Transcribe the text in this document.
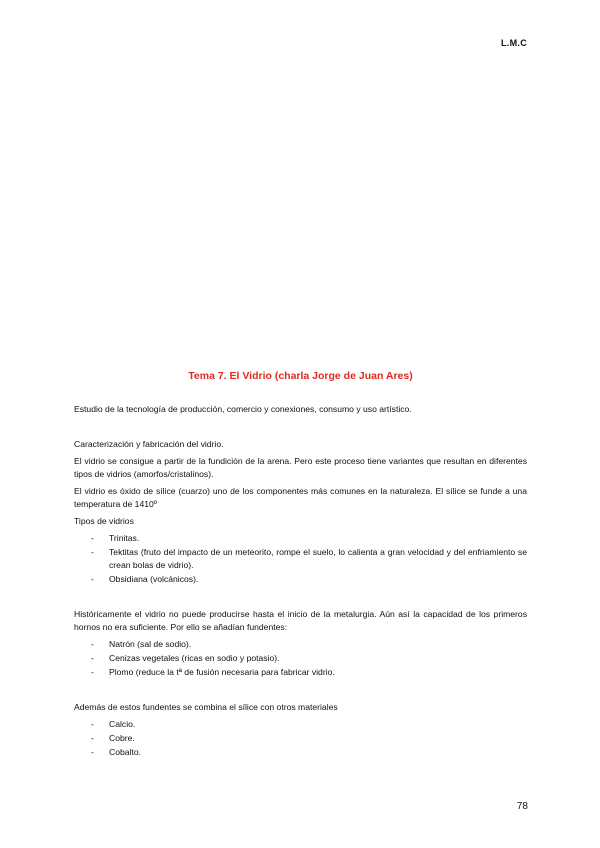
L.M.C
Tema 7. El Vidrio (charla Jorge de Juan Ares)

Estudio de la tecnología de producción, comercio y conexiones, consumo y uso artístico.

Caracterización y fabricación del vidrio.

El vidrio se consigue a partir de la fundición de la arena. Pero este proceso tiene variantes que resultan en diferentes tipos de vidrios (amorfos/cristalinos).

El vidrio es óxido de sílice (cuarzo) uno de los componentes más comunes en la naturaleza. El sílice se funde a una temperatura de 1410º

Tipos de vidrios

- Trinitas.
- Tektitas (fruto del impacto de un meteorito, rompe el suelo, lo calienta a gran velocidad y del enfriamiento se crean bolas de vidrio).
- Obsidiana (volcánicos).

Históricamente el vidrio no puede producirse hasta el inicio de la metalurgia. Aún así la capacidad de los primeros hornos no era suficiente. Por ello se añadían fundentes:

- Natrón (sal de sodio).
- Cenizas vegetales (ricas en sodio y potasio).
- Plomo (reduce la tª de fusión necesaria para fabricar vidrio.

Además de estos fundentes se combina el sílice con otros materiales

- Calcio.
- Cobre.
- Cobalto.
78
